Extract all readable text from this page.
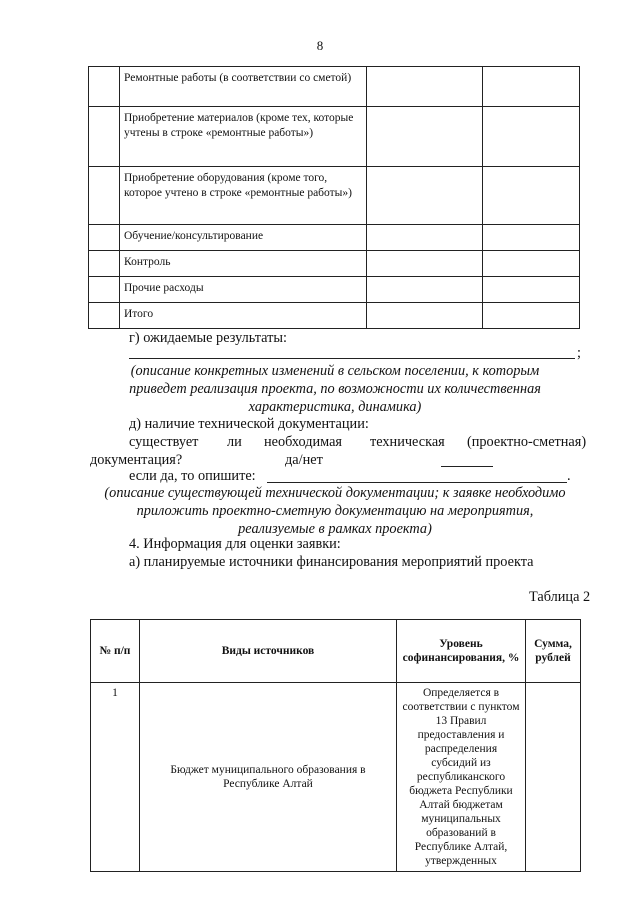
8
	Ремонтные работы (в соответствии со сметой)		
	Приобретение материалов (кроме тех, которые учтены в строке «ремонтные работы»)		
	Приобретение оборудования (кроме того, которое учтено в строке «ремонтные работы»)		
	Обучение/консультирование		
	Контроль		
	Прочие расходы		
	Итого		
г) ожидаемые результаты:
;
(описание конкретных изменений в сельском поселении, к которым
приведет реализация проекта, по возможности их количественная
характеристика, динамика)
д) наличие технической документации:
существует ли необходимая техническая (проектно-сметная)
документация?	да/нет
если да, то опишите:	.
(описание существующей технической документации; к заявке необходимо
приложить проектно-сметную документацию на мероприятия,
реализуемые в рамках проекта)
4. Информация для оценки заявки:
а) планируемые источники финансирования мероприятий проекта
Таблица 2
№ п/п	Виды источников	Уровень софинансирования, %	Сумма, рублей
1	Бюджет муниципального образования в Республике Алтай	Определяется в соответствии с пунктом 13 Правил предоставления и распределения субсидий из республиканского бюджета Республики Алтай бюджетам муниципальных образований в Республике Алтай, утвержденных	
